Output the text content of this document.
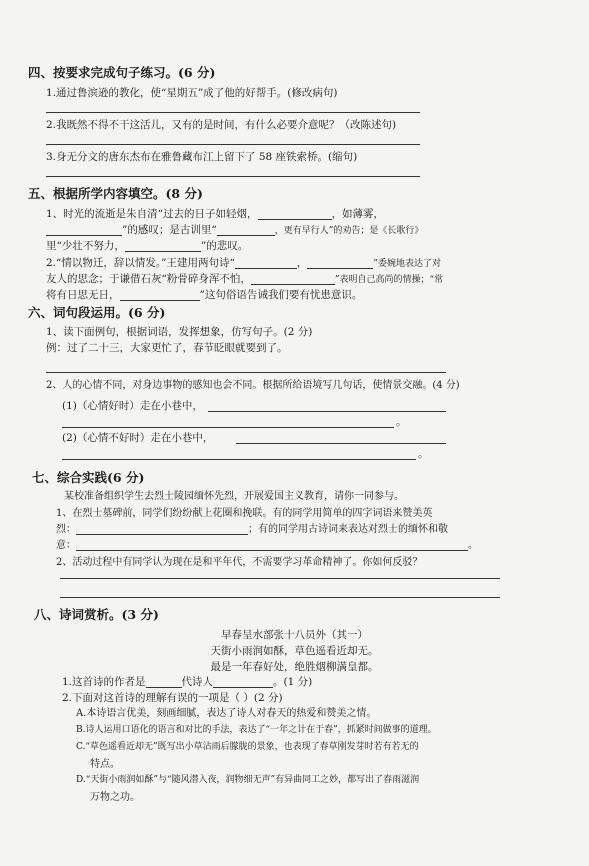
四、按要求完成句子练习。(6 分)
1.通过鲁滨逊的教化，使“星期五”成了他的好帮手。(修改病句)
2.我既然不得不干这活儿，又有的是时间，有什么必要介意呢？（改陈述句)
3.身无分文的唐东杰布在雅鲁藏布江上留下了 58 座铁索桥。(缩句)
五、根据所学内容填空。(8 分)
1、时光的流逝是朱自清“过去的日子如轻烟，	，如薄雾，
”的感叹；是古训里“	，更有早行人”的劝告；是《长歌行》
里“少壮不努力，	”的悲叹。
2.“情以物迁，辞以情发。”王建用两句诗“	，	”委婉地表达了对
友人的思念；于谦借石灰“粉骨碎身浑不怕，	”表明自己高尚的情操；“常
将有日思无日，	”这句俗语告诫我们要有忧患意识。
六、词句段运用。(6 分)
1、读下面例句，根据词语，发挥想象，仿写句子。(2 分)
例：过了二十三，大家更忙了，春节眨眼就要到了。
2、人的心情不同，对身边事物的感知也会不同。根据所给语境写几句话，使情景交融。(4 分)
(1)（心情好时）走在小巷中，
。
(2)（心情不好时）走在小巷中，
。
七、综合实践(6 分)
某校准备组织学生去烈士陵园缅怀先烈，开展爱国主义教育，请你一同参与。
1、在烈士墓碑前，同学们纷纷献上花圈和挽联。有的同学用简单的四字词语来赞美英
烈：	；有的同学用古诗词来表达对烈士的缅怀和敬
意：	。
2、活动过程中有同学认为现在是和平年代，不需要学习革命精神了。你如何反驳？
八、诗词赏析。(3 分)
早春呈水部张十八员外（其一）
天街小雨润如酥，草色遥看近却无。
最是一年春好处，绝胜烟柳满皇都。
1.这首诗的作者是	代诗人	。(1 分)
2.下面对这首诗的理解有误的一项是（ ）(2 分)
A.本诗语言优美，刻画细腻，表达了诗人对春天的热爱和赞美之情。
B.诗人运用口语化的语言和对比的手法，表达了“一年之计在于春”，抓紧时间做事的道理。
C.“草色遥看近却无”既写出小草沾雨后朦胧的景象，也表现了春草刚发芽时若有若无的
特点。
D.“天街小雨润如酥”与“随风潜入夜，润物细无声”有异曲同工之妙，都写出了春雨滋润
万物之功。
